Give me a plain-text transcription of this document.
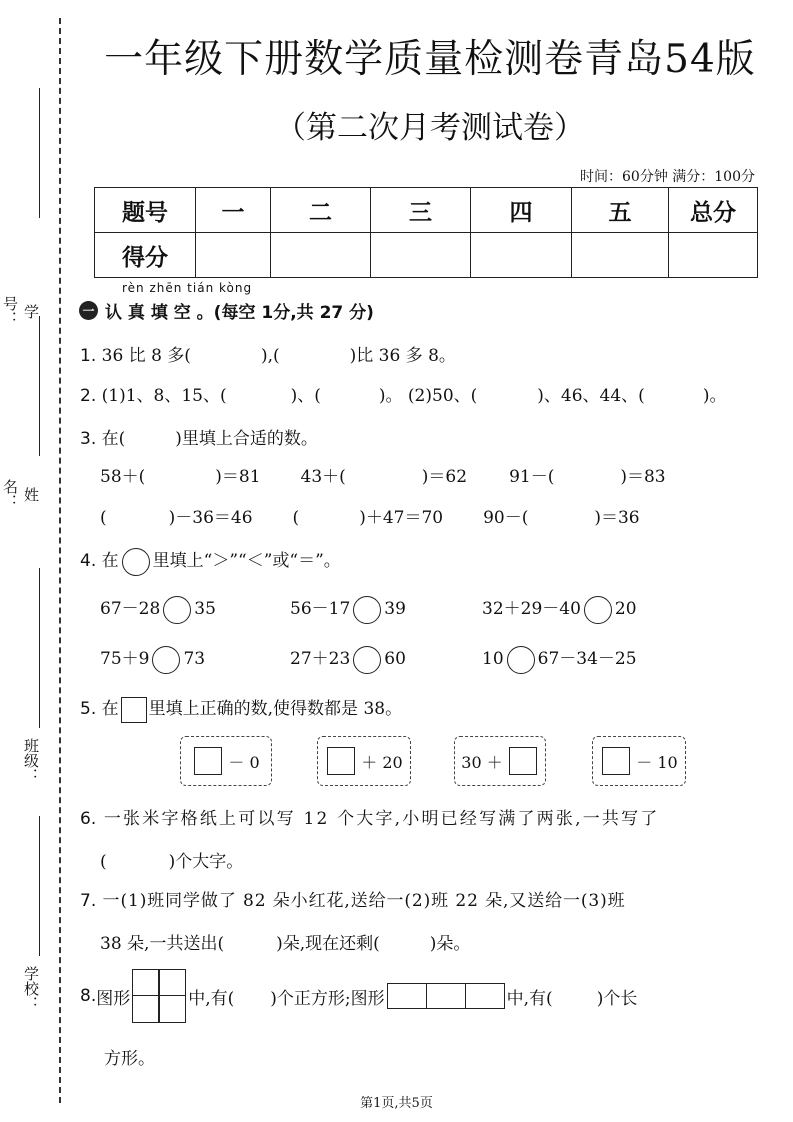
学号：
姓名：
班级：
学校：
一年级下册数学质量检测卷青岛54版
（第二次月考测试卷）
时间：60分钟 满分：100分
题号	一	二	三	四	五	总分
得分						
rèn zhēn tián kòng
一 认 真 填 空 。(每空 1分,共 27 分)
1. 36 比 8 多(	),(	)比 36 多 8。
2. (1)1、8、15、(	)、(	)。 (2)50、(	)、46、44、(	)。
3. 在(	)里填上合适的数。
58＋(	)＝81 43＋(	)＝62 91－(	)＝83
(	)－36＝46 (	)＋47＝70 90－(	)＝36
4. 在 里填上“＞”“＜”或“＝”。
67－28 35	56－17 39	32＋29－40 20
75＋9 73	27＋23 60	10 67－34－25
5. 在 里填上正确的数,使得数都是 38。
－ 0	＋ 20	30 ＋	－ 10
6. 一张米字格纸上可以写 12 个大字,小明已经写满了两张,一共写了
(	)个大字。
7. 一(1)班同学做了 82 朵小红花,送给一(2)班 22 朵,又送给一(3)班
38 朵,一共送出(	)朵,现在还剩(	)朵。
8. 图形	中,有( )个正方形;图形	中,有(	)个长
方形。
第1页,共5页
